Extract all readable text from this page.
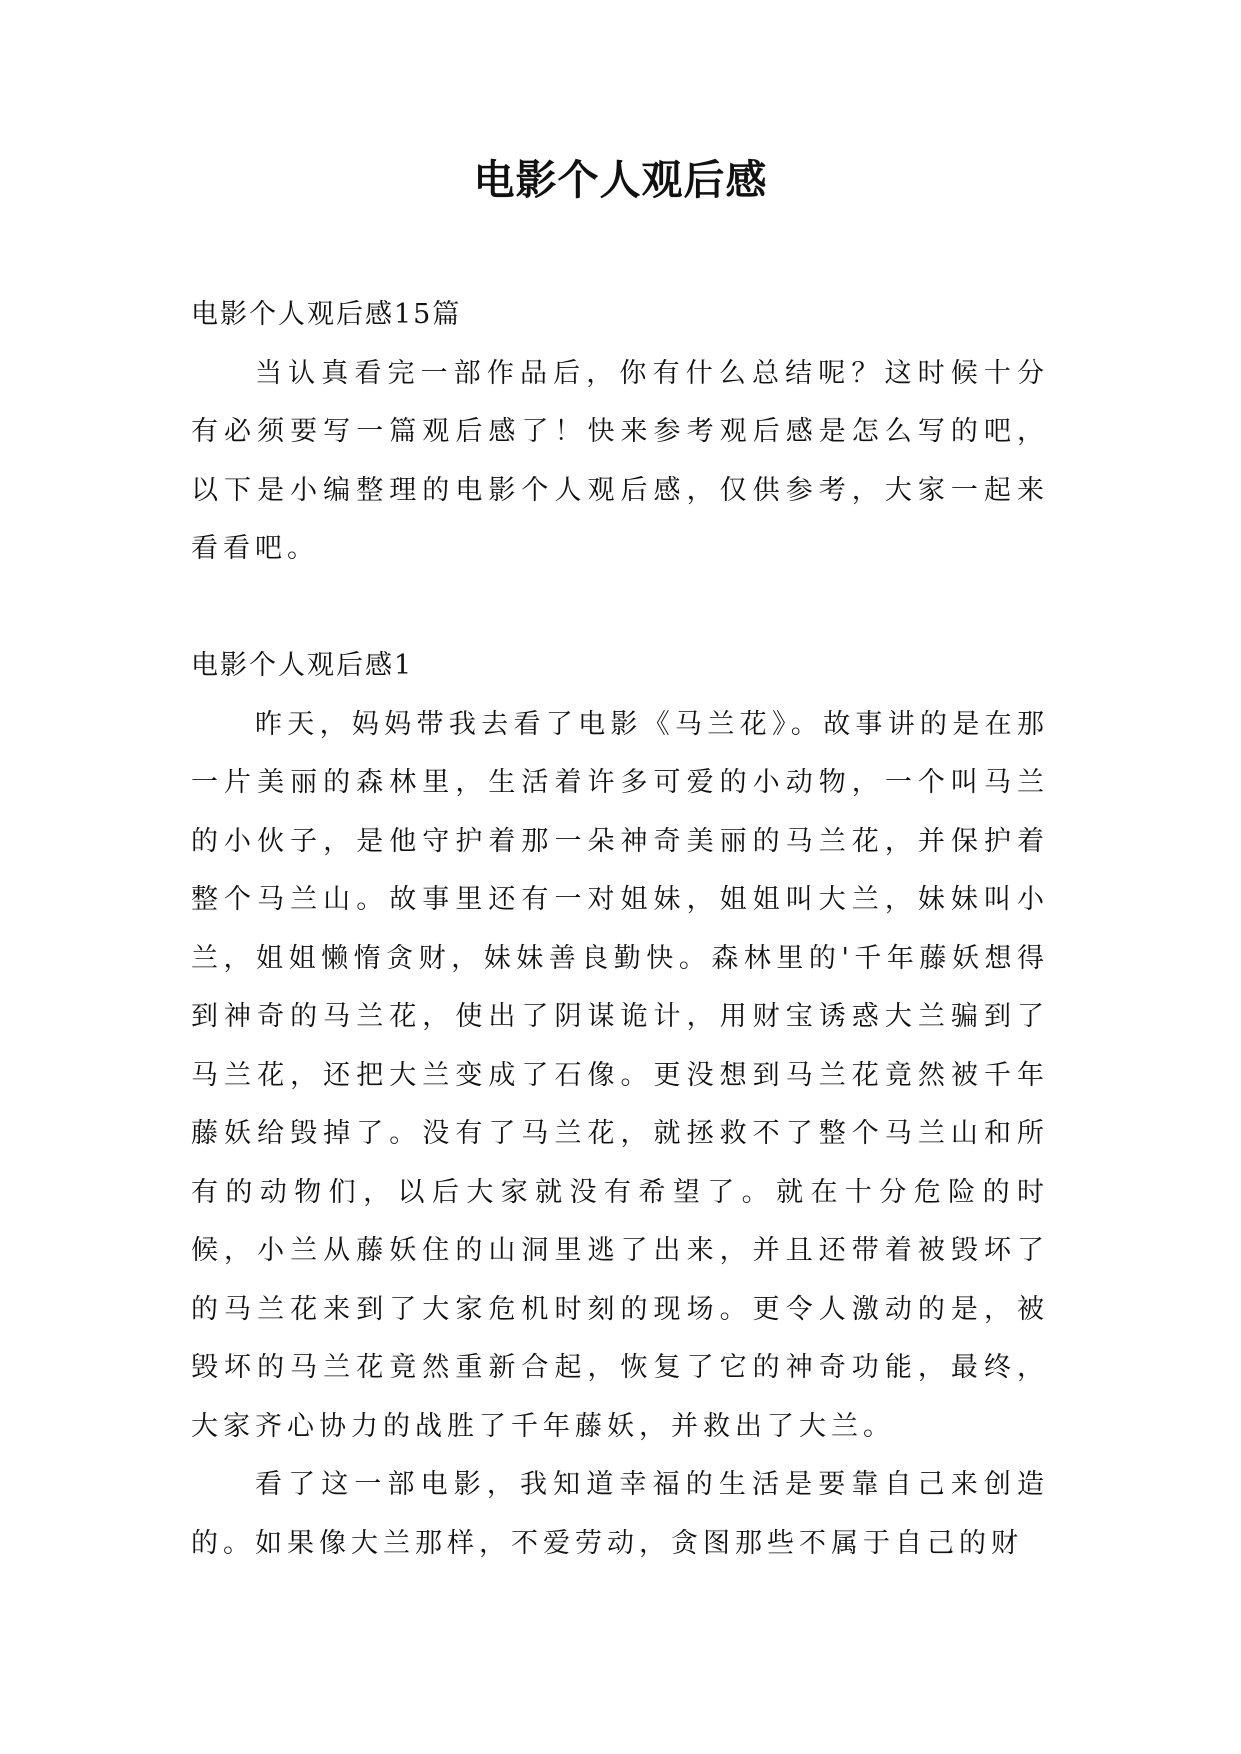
电影个人观后感

电影个人观后感15篇

当认真看完一部作品后，你有什么总结呢？这时候十分有必须要写一篇观后感了！快来参考观后感是怎么写的吧，以下是小编整理的电影个人观后感，仅供参考，大家一起来看看吧。

电影个人观后感1

昨天，妈妈带我去看了电影《马兰花》。故事讲的是在那一片美丽的森林里，生活着许多可爱的小动物，一个叫马兰的小伙子，是他守护着那一朵神奇美丽的马兰花，并保护着整个马兰山。故事里还有一对姐妹，姐姐叫大兰，妹妹叫小兰，姐姐懒惰贪财，妹妹善良勤快。森林里的'千年藤妖想得到神奇的马兰花，使出了阴谋诡计，用财宝诱惑大兰骗到了马兰花，还把大兰变成了石像。更没想到马兰花竟然被千年藤妖给毁掉了。没有了马兰花，就拯救不了整个马兰山和所有的动物们，以后大家就没有希望了。就在十分危险的时候，小兰从藤妖住的山洞里逃了出来，并且还带着被毁坏了的马兰花来到了大家危机时刻的现场。更令人激动的是，被毁坏的马兰花竟然重新合起，恢复了它的神奇功能，最终，大家齐心协力的战胜了千年藤妖，并救出了大兰。

看了这一部电影，我知道幸福的生活是要靠自己来创造的。如果像大兰那样，不爱劳动，贪图那些不属于自己的财
